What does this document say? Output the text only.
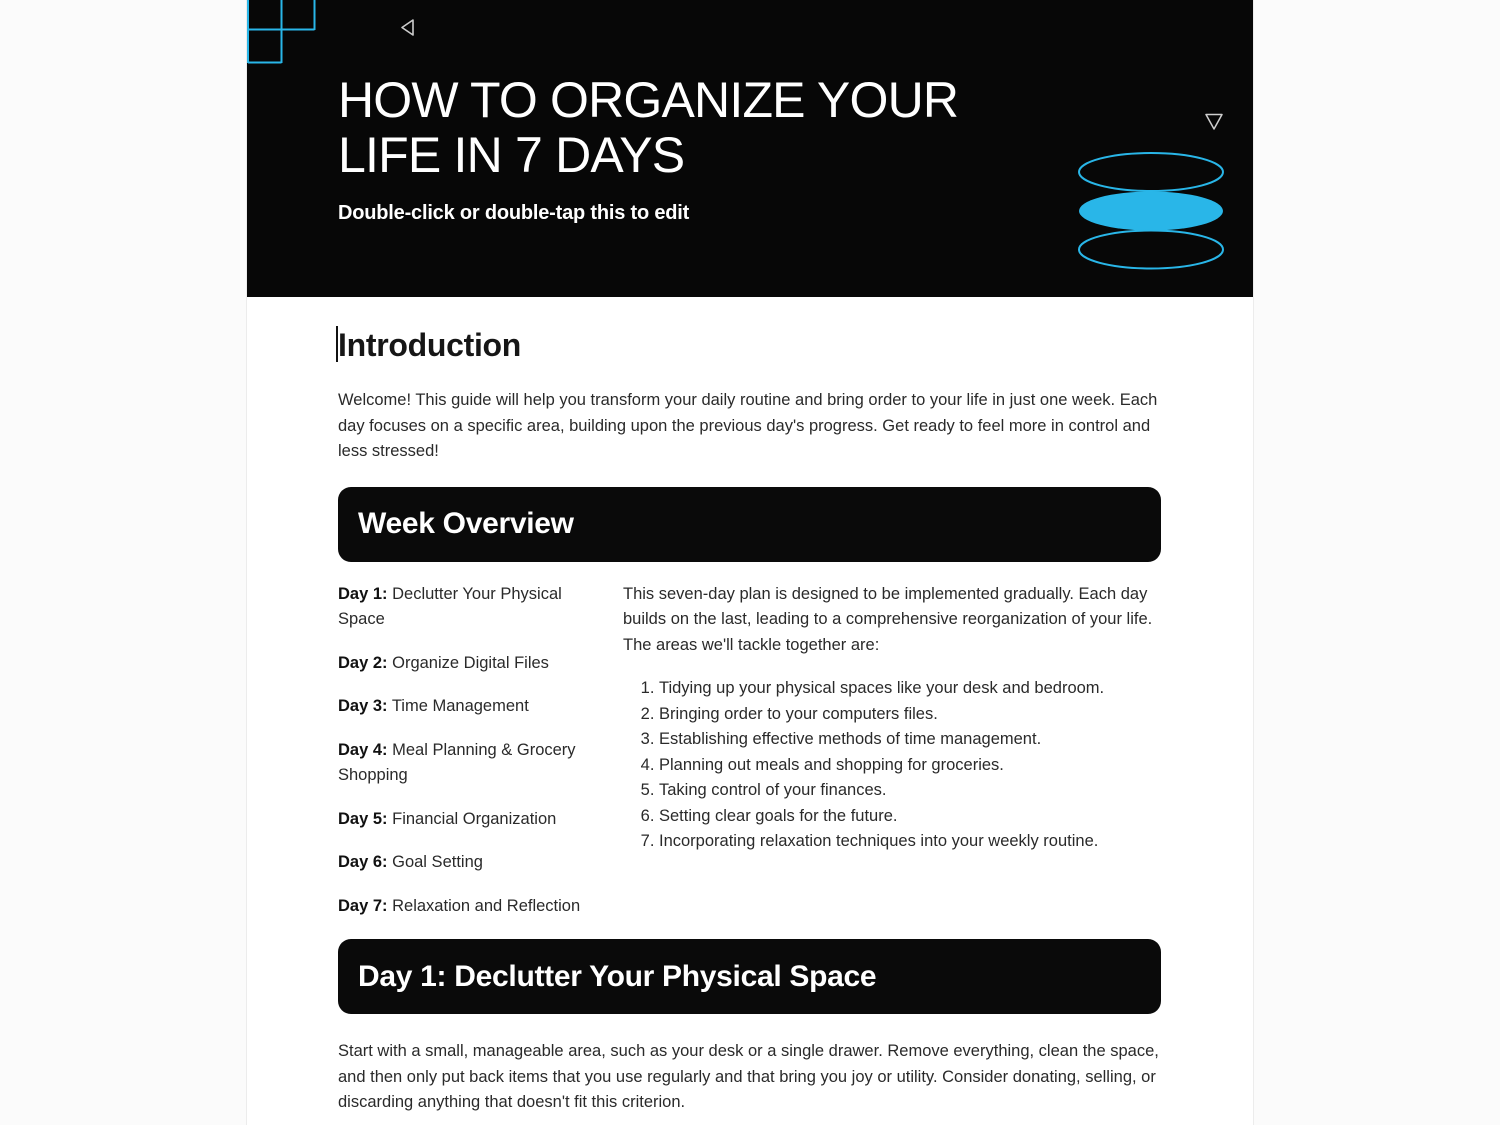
HOW TO ORGANIZE YOUR
LIFE IN 7 DAYS

Double-click or double-tap this to edit

Introduction

Welcome! This guide will help you transform your daily routine and bring order to your life in just one week. Each day focuses on a specific area, building upon the previous day's progress. Get ready to feel more in control and less stressed!

Week Overview

Day 1: Declutter Your Physical Space

Day 2: Organize Digital Files

Day 3: Time Management

Day 4: Meal Planning & Grocery Shopping

Day 5: Financial Organization

Day 6: Goal Setting

Day 7: Relaxation and Reflection

This seven-day plan is designed to be implemented gradually. Each day builds on the last, leading to a comprehensive reorganization of your life. The areas we'll tackle together are:

1. Tidying up your physical spaces like your desk and bedroom.
2. Bringing order to your computers files.
3. Establishing effective methods of time management.
4. Planning out meals and shopping for groceries.
5. Taking control of your finances.
6. Setting clear goals for the future.
7. Incorporating relaxation techniques into your weekly routine.
Day 1: Declutter Your Physical Space

Start with a small, manageable area, such as your desk or a single drawer. Remove everything, clean the space, and then only put back items that you use regularly and that bring you joy or utility. Consider donating, selling, or discarding anything that doesn't fit this criterion.
